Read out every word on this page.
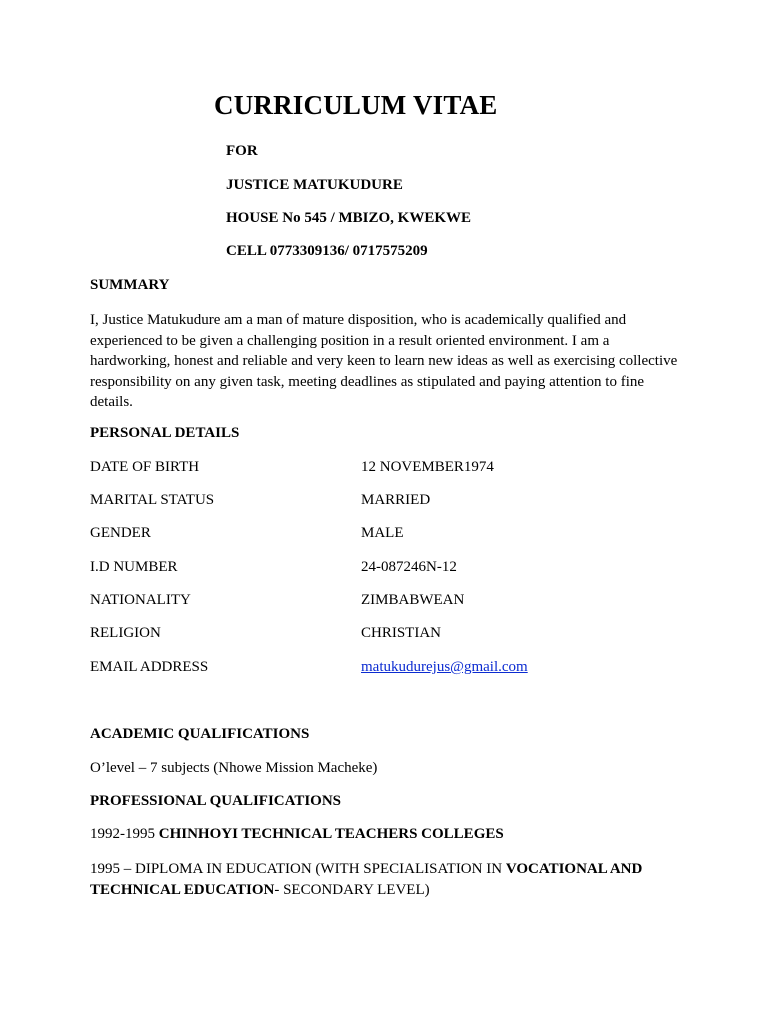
CURRICULUM VITAE
FOR
JUSTICE MATUKUDURE
HOUSE No 545 / MBIZO, KWEKWE
CELL 0773309136/ 0717575209
SUMMARY
I, Justice Matukudure am a man of mature disposition, who is academically qualified and experienced to be given a challenging position in a result oriented environment. I am a hardworking, honest and reliable and very keen to learn new ideas as well as exercising collective responsibility on any given task, meeting deadlines as stipulated and paying attention to fine details.
PERSONAL DETAILS
DATE OF BIRTH	12 NOVEMBER1974
MARITAL STATUS	MARRIED
GENDER	MALE
I.D NUMBER	24-087246N-12
NATIONALITY	ZIMBABWEAN
RELIGION	CHRISTIAN
EMAIL ADDRESS	matukudurejus@gmail.com
ACADEMIC QUALIFICATIONS
O’level – 7 subjects (Nhowe Mission Macheke)
PROFESSIONAL QUALIFICATIONS
1992-1995 CHINHOYI TECHNICAL TEACHERS COLLEGES
1995 – DIPLOMA IN EDUCATION (WITH SPECIALISATION IN VOCATIONAL AND TECHNICAL EDUCATION- SECONDARY LEVEL)
